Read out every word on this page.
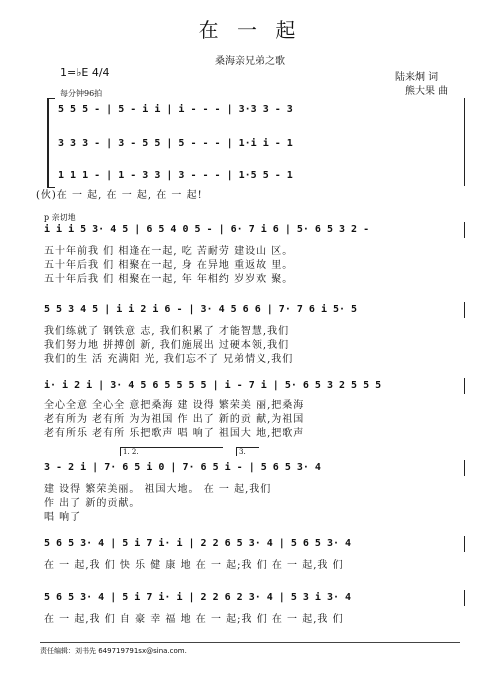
在 一 起
桑海亲兄弟之歌
陆来炯 词
熊大果 曲
1=♭E 4/4
每分钟96拍
5 5 5 - | 5 - i i | i - - - | 3·3 3 - 3
3 3 3 - | 3 - 5 5 | 5 - - - | 1·i i - 1
1 1 1 - | 1 - 3 3 | 3 - - - | 1·5 5 - 1
(伙)在 一 起, 在 一 起, 在 一 起!
p 亲切地
i i i 5 3· 4 5 | 6 5 4 0 5 - | 6· 7 i 6 | 5· 6 5 3 2 -
五十年前我 们 相逢在一起, 吃 苦耐劳 建设山 区。
五十年后我 们 相聚在一起, 身 在异地 重返故 里。
五十年后我 们 相聚在一起, 年 年相约 岁岁欢 聚。
5 5 3 4 5 | i i 2 i 6 - | 3· 4 5 6 6 | 7· 7 6 i 5· 5
我们练就了 钢铁意 志, 我们积累了 才能智慧,我们
我们努力地 拼搏创 新, 我们施展出 过硬本领,我们
我们的生 活 充满阳 光, 我们忘不了 兄弟情义,我们
i· i 2 i | 3· 4 5 6 5 5 5 5 | i - 7 i | 5· 6 5 3 2 5 5 5
全心全意 全心全 意把桑海 建 设得 繁荣美 丽,把桑海
老有所为 老有所 为为祖国 作 出了 新的贡 献,为祖国
老有所乐 老有所 乐把歌声 唱 响了 祖国大 地,把歌声
1. 2.	3.
3 - 2 i | 7· 6 5 i 0 | 7· 6 5 i - | 5 6 5 3· 4
建 设得 繁荣美丽。 祖国大地。 在 一 起,我们
作 出了 新的贡献。
唱 响了
5 6 5 3· 4 | 5 i 7 i· i | 2 2 6 5 3· 4 | 5 6 5 3· 4
在 一 起,我 们 快 乐 健 康 地 在 一 起;我 们 在 一 起,我 们
5 6 5 3· 4 | 5 i 7 i· i | 2 2 6 2 3· 4 | 5 3 i 3· 4
在 一 起,我 们 自 豪 幸 福 地 在 一 起;我 们 在 一 起,我 们
责任编辑：刘书先 649719791sx@sina.com.
